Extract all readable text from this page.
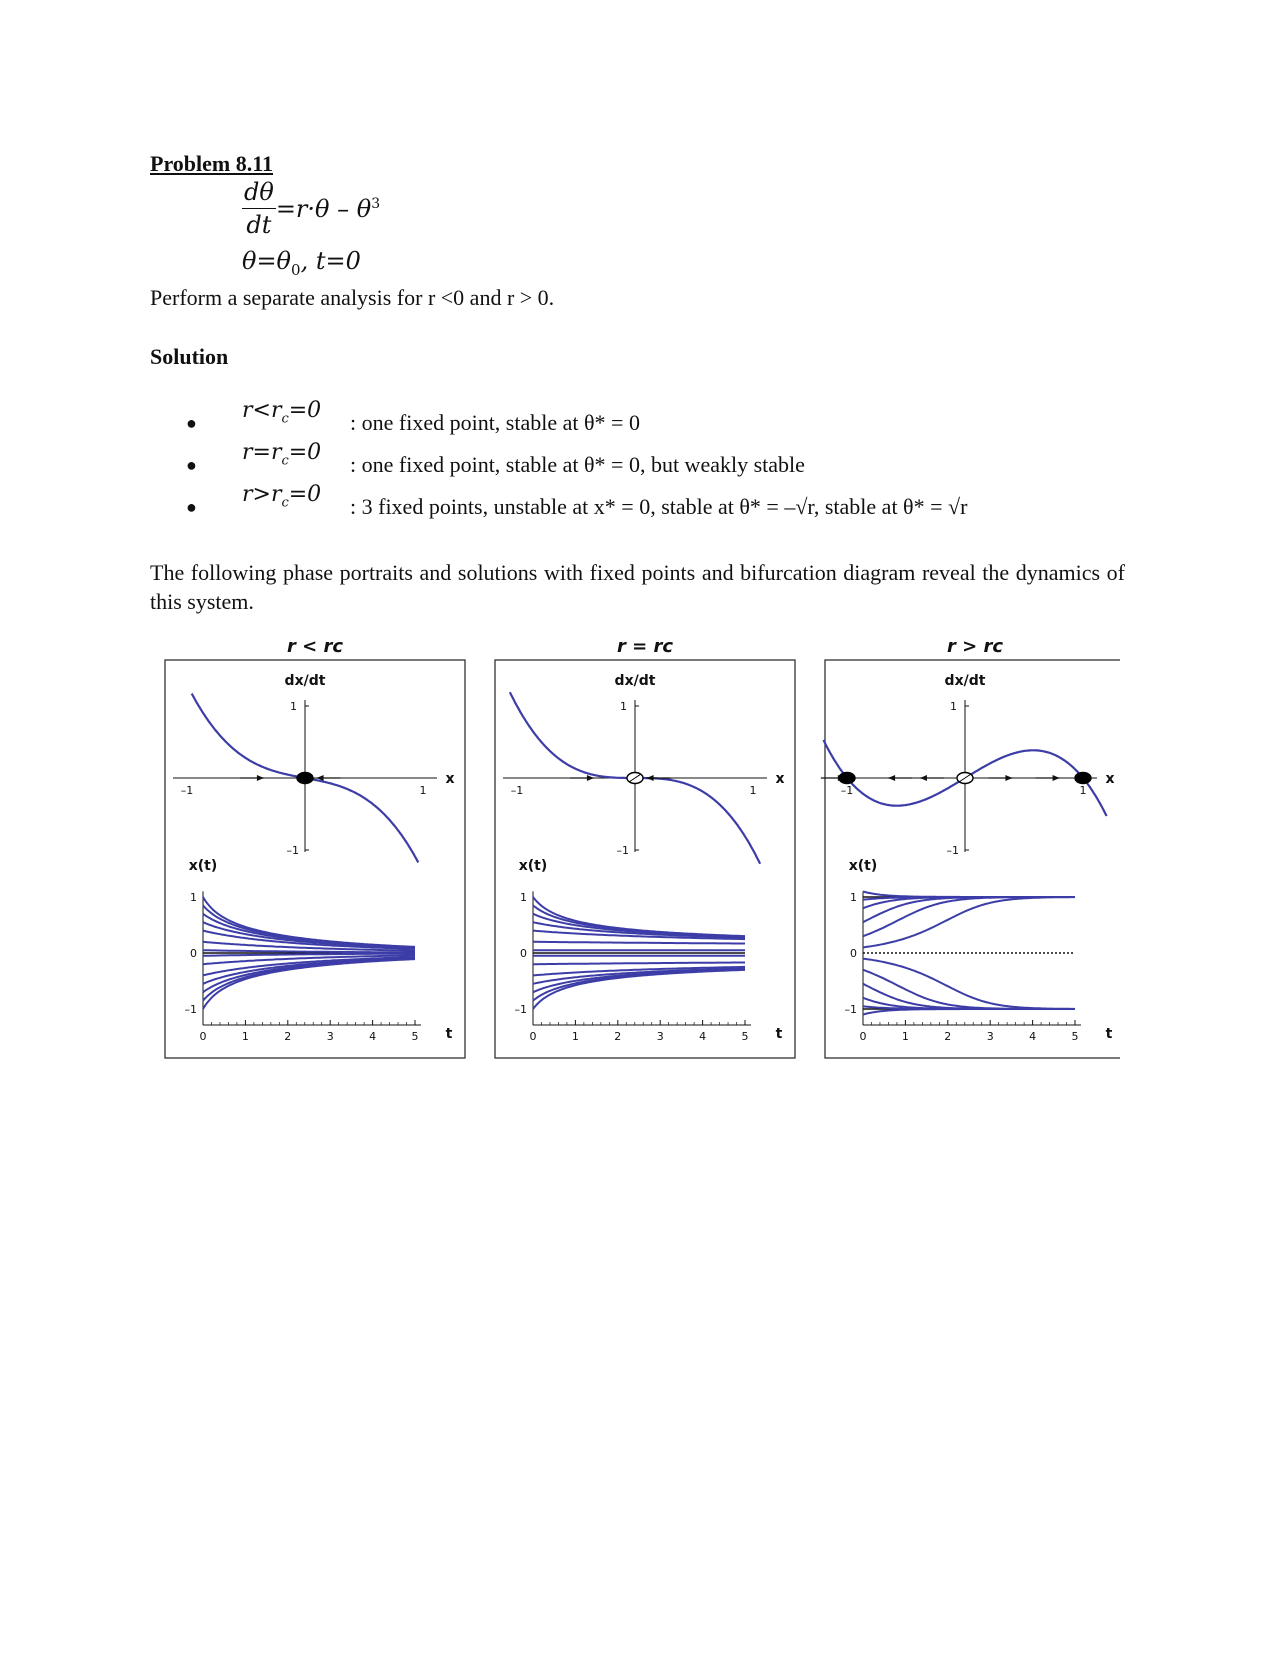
Problem 8.11
$\frac{d\theta}{dt} =r\cdot\theta - \theta^3$
$\theta=\theta_0$, t=0
Perform a separate analysis for r <0 and r > 0.
Solution
● $r<r_c=0$ : one fixed point, stable at θ* = 0
● $r=r_c=0$ : one fixed point, stable at θ* = 0, but weakly stable
● $r>r_c=0$ : 3 fixed points, unstable at x* = 0, stable at θ* = –√r, stable at θ* = √r
The following phase portraits and solutions with fixed points and bifurcation diagram reveal the dynamics of this system.
r < rc
dx/dt
x
–1	1
1
–1
x(t)
t
0	1	2	3	4	5
1
0
–1
r = rc
dx/dt
x
–1	1
1
–1
x(t)
t
0	1	2	3	4	5
1
0
–1
r > rc
dx/dt
x
–1	1
1
–1
x(t)
t
0	1	2	3	4	5
1
0
–1
